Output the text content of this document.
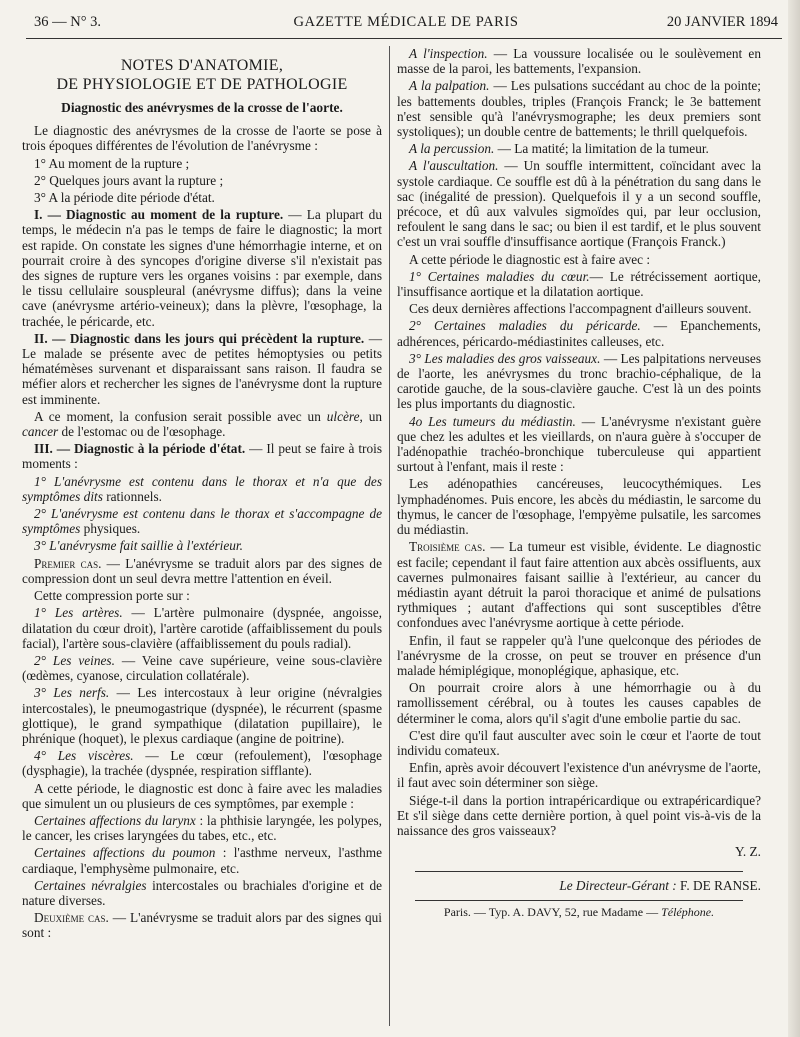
36 — N° 3.	GAZETTE MÉDICALE DE PARIS	20 JANVIER 1894
NOTES D'ANATOMIE,
DE PHYSIOLOGIE ET DE PATHOLOGIE
Diagnostic des anévrysmes de la crosse de l'aorte.

Le diagnostic des anévrysmes de la crosse de l'aorte se pose à trois époques différentes de l'évolution de l'anévrysme :

1° Au moment de la rupture ;

2° Quelques jours avant la rupture ;

3° A la période dite période d'état.

I. — Diagnostic au moment de la rupture. — La plupart du temps, le médecin n'a pas le temps de faire le diagnostic; la mort est rapide. On constate les signes d'une hémorrhagie interne, et on pourrait croire à des syncopes d'origine diverse s'il n'existait pas des signes de rupture vers les organes voisins : par exemple, dans le tissu cellulaire souspleural (anévrysme diffus); dans la veine cave (anévrysme artério-veineux); dans la plèvre, l'œsophage, la trachée, le péricarde, etc.

II. — Diagnostic dans les jours qui précèdent la rupture. — Le malade se présente avec de petites hémoptysies ou petits hématémèses survenant et disparaissant sans raison. Il faudra se méfier alors et rechercher les signes de l'anévrysme dont la rupture est imminente.

A ce moment, la confusion serait possible avec un ulcère, un cancer de l'estomac ou de l'œsophage.

III. — Diagnostic à la période d'état. — Il peut se faire à trois moments :

1° L'anévrysme est contenu dans le thorax et n'a que des symptômes dits rationnels.

2° L'anévrysme est contenu dans le thorax et s'accompagne de symptômes physiques.

3° L'anévrysme fait saillie à l'extérieur.

Premier cas. — L'anévrysme se traduit alors par des signes de compression dont un seul devra mettre l'attention en éveil.

Cette compression porte sur :

1° Les artères. — L'artère pulmonaire (dyspnée, angoisse, dilatation du cœur droit), l'artère carotide (affaiblissement du pouls facial), l'artère sous-clavière (affaiblissement du pouls radial).

2° Les veines. — Veine cave supérieure, veine sous-clavière (œdèmes, cyanose, circulation collatérale).

3° Les nerfs. — Les intercostaux à leur origine (névralgies intercostales), le pneumogastrique (dyspnée), le récurrent (spasme glottique), le grand sympathique (dilatation pupillaire), le phrénique (hoquet), le plexus cardiaque (angine de poitrine).

4° Les viscères. — Le cœur (refoulement), l'œsophage (dysphagie), la trachée (dyspnée, respiration sifflante).

A cette période, le diagnostic est donc à faire avec les maladies que simulent un ou plusieurs de ces symptômes, par exemple :

Certaines affections du larynx : la phthisie laryngée, les polypes, le cancer, les crises laryngées du tabes, etc., etc.

Certaines affections du poumon : l'asthme nerveux, l'asthme cardiaque, l'emphysème pulmonaire, etc.

Certaines névralgies intercostales ou brachiales d'origine et de nature diverses.

Deuxième cas. — L'anévrysme se traduit alors par des signes qui sont :

A l'inspection. — La voussure localisée ou le soulèvement en masse de la paroi, les battements, l'expansion.

A la palpation. — Les pulsations succédant au choc de la pointe; les battements doubles, triples (François Franck; le 3e battement n'est sensible qu'à l'anévrysmographe; les deux premiers sont systoliques); un double centre de battements; le thrill quelquefois.

A la percussion. — La matité; la limitation de la tumeur.

A l'auscultation. — Un souffle intermittent, coïncidant avec la systole cardiaque. Ce souffle est dû à la pénétration du sang dans le sac (inégalité de pression). Quelquefois il y a un second souffle, précoce, et dû aux valvules sigmoïdes qui, par leur occlusion, refoulent le sang dans le sac; ou bien il est tardif, et le plus souvent c'est un vrai souffle d'insuffisance aortique (François Franck.)

A cette période le diagnostic est à faire avec :

1° Certaines maladies du cœur.— Le rétrécissement aortique, l'insuffisance aortique et la dilatation aortique.

Ces deux dernières affections l'accompagnent d'ailleurs souvent.

2° Certaines maladies du péricarde. — Epanchements, adhérences, péricardo-médiastinites calleuses, etc.

3° Les maladies des gros vaisseaux. — Les palpitations nerveuses de l'aorte, les anévrysmes du tronc brachio-céphalique, de la carotide gauche, de la sous-clavière gauche. C'est là un des points les plus importants du diagnostic.

4o Les tumeurs du médiastin. — L'anévrysme n'existant guère que chez les adultes et les vieillards, on n'aura guère à s'occuper de l'adénopathie trachéo-bronchique tuberculeuse qui appartient surtout à l'enfant, mais il reste :

Les adénopathies cancéreuses, leucocythémiques. Les lymphadénomes. Puis encore, les abcès du médiastin, le sarcome du thymus, le cancer de l'œsophage, l'empyème pulsatile, les sarcomes du médiastin.

Troisième cas. — La tumeur est visible, évidente. Le diagnostic est facile; cependant il faut faire attention aux abcès ossifluents, aux cavernes pulmonaires faisant saillie à l'extérieur, au cancer du médiastin ayant détruit la paroi thoracique et animé de pulsations rythmiques ; autant d'affections qui sont susceptibles d'être confondues avec l'anévrysme aortique à cette période.

Enfin, il faut se rappeler qu'à l'une quelconque des périodes de l'anévrysme de la crosse, on peut se trouver en présence d'un malade hémiplégique, monoplégique, aphasique, etc.

On pourrait croire alors à une hémorrhagie ou à du ramollissement cérébral, ou à toutes les causes capables de déterminer le coma, alors qu'il s'agit d'une embolie partie du sac.

C'est dire qu'il faut ausculter avec soin le cœur et l'aorte de tout individu comateux.

Enfin, après avoir découvert l'existence d'un anévrysme de l'aorte, il faut avec soin déterminer son siège.

Siége-t-il dans la portion intrapéricardique ou extrapéricardique? Et s'il siège dans cette dernière portion, à quel point vis-à-vis de la naissance des gros vaisseaux?

Y. Z.
Le Directeur-Gérant : F. DE RANSE.
Paris. — Typ. A. DAVY, 52, rue Madame — Téléphone.
